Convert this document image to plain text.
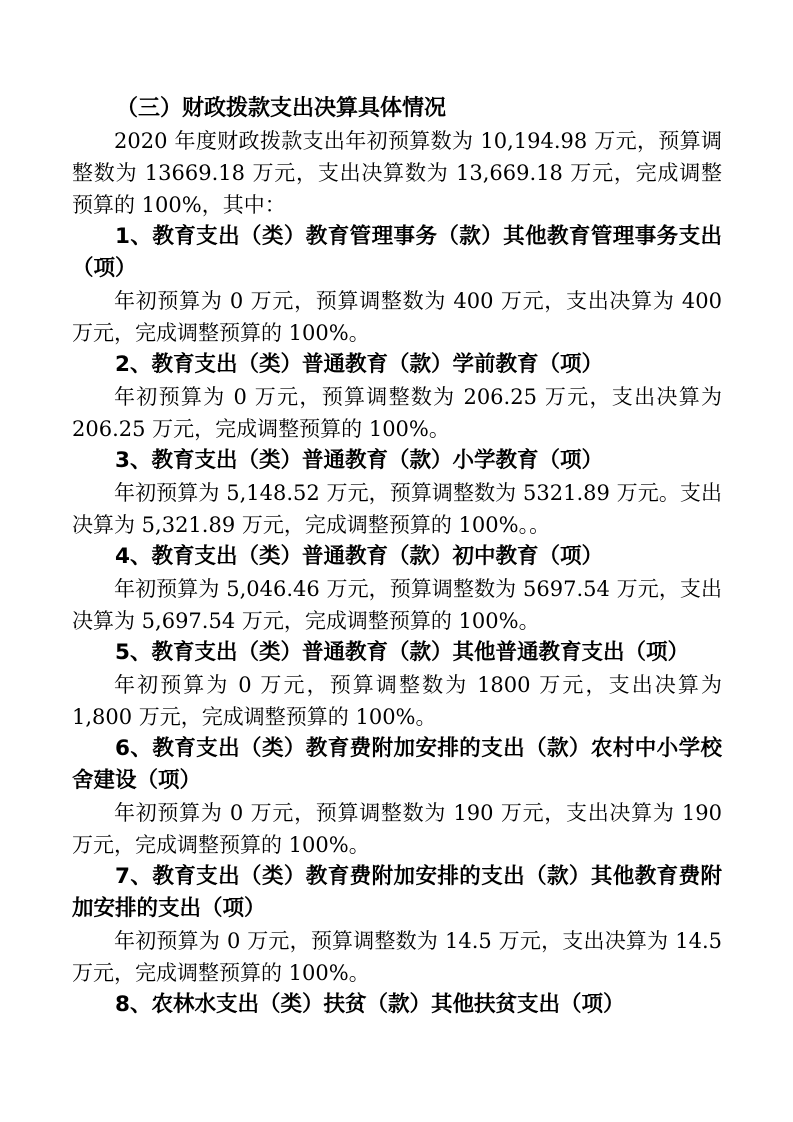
（三）财政拨款支出决算具体情况

2020 年度财政拨款支出年初预算数为 10,194.98 万元，预算调整数为 13669.18 万元，支出决算数为 13,669.18 万元，完成调整预算的 100%，其中：

1、教育支出（类）教育管理事务（款）其他教育管理事务支出（项）

年初预算为 0 万元，预算调整数为 400 万元，支出决算为 400 万元，完成调整预算的 100%。

2、教育支出（类）普通教育（款）学前教育（项）

年初预算为 0 万元，预算调整数为 206.25 万元，支出决算为 206.25 万元，完成调整预算的 100%。

3、教育支出（类）普通教育（款）小学教育（项）

年初预算为 5,148.52 万元，预算调整数为 5321.89 万元。支出决算为 5,321.89 万元，完成调整预算的 100%。。

4、教育支出（类）普通教育（款）初中教育（项）

年初预算为 5,046.46 万元，预算调整数为 5697.54 万元，支出决算为 5,697.54 万元，完成调整预算的 100%。

5、教育支出（类）普通教育（款）其他普通教育支出（项）

年初预算为 0 万元，预算调整数为 1800 万元，支出决算为 1,800 万元，完成调整预算的 100%。

6、教育支出（类）教育费附加安排的支出（款）农村中小学校舍建设（项）

年初预算为 0 万元，预算调整数为 190 万元，支出决算为 190 万元，完成调整预算的 100%。

7、教育支出（类）教育费附加安排的支出（款）其他教育费附加安排的支出（项）

年初预算为 0 万元，预算调整数为 14.5 万元，支出决算为 14.5 万元，完成调整预算的 100%。

8、农林水支出（类）扶贫（款）其他扶贫支出（项）
